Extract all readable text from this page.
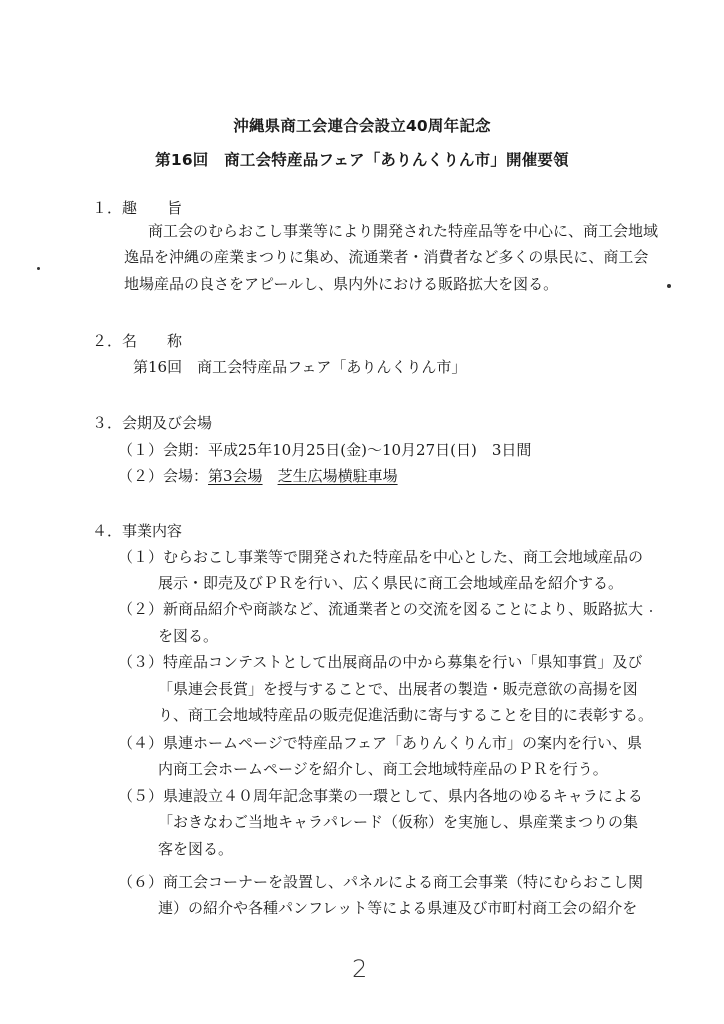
沖縄県商工会連合会設立40周年記念
第16回　商工会特産品フェア「ありんくりん市」開催要領
１．趣　　旨
商工会のむらおこし事業等により開発された特産品等を中心に、商工会地域
逸品を沖縄の産業まつりに集め、流通業者・消費者など多くの県民に、商工会
地場産品の良さをアピールし、県内外における販路拡大を図る。
２．名　　称
第16回　商工会特産品フェア「ありんくりん市」
３．会期及び会場
（１）会期：平成25年10月25日(金)～10月27日(日)　3日間
（２）会場：第3会場　 芝生広場横駐車場
４．事業内容
（１）むらおこし事業等で開発された特産品を中心とした、商工会地域産品の
展示・即売及びＰＲを行い、広く県民に商工会地域産品を紹介する。
（２）新商品紹介や商談など、流通業者との交流を図ることにより、販路拡大
を図る。
（３）特産品コンテストとして出展商品の中から募集を行い「県知事賞」及び
「県連会長賞」を授与することで、出展者の製造・販売意欲の高揚を図
り、商工会地域特産品の販売促進活動に寄与することを目的に表彰する。
（４）県連ホームページで特産品フェア「ありんくりん市」の案内を行い、県
内商工会ホームページを紹介し、商工会地域特産品のＰＲを行う。
（５）県連設立４０周年記念事業の一環として、県内各地のゆるキャラによる
「おきなわご当地キャラパレード（仮称）を実施し、県産業まつりの集
客を図る。
（６）商工会コーナーを設置し、パネルによる商工会事業（特にむらおこし関
連）の紹介や各種パンフレット等による県連及び市町村商工会の紹介を
2
